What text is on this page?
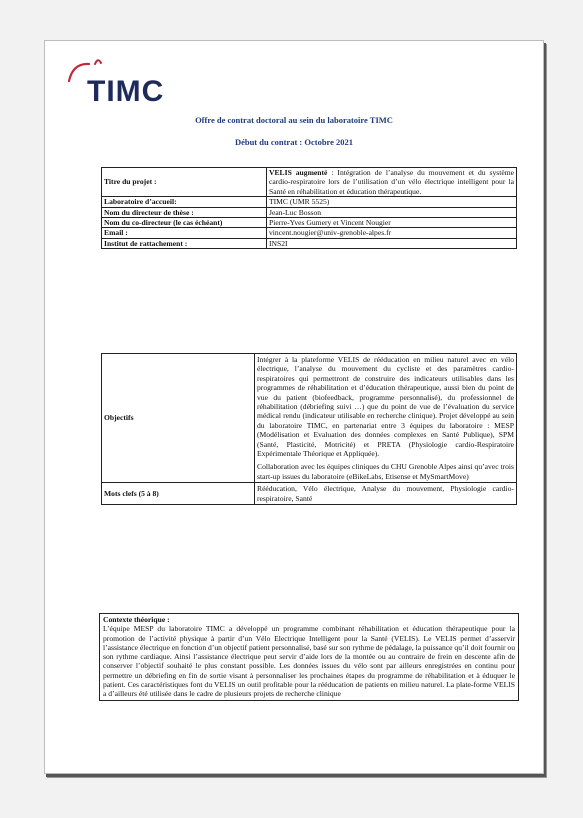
TIMC
Offre de contrat doctoral au sein du laboratoire TIMC
Début du contrat : Octobre 2021
Titre du projet :	VELIS augmenté : Intégration de l’analyse du mouvement et du système cardio-respiratoire lors de l’utilisation d’un vélo électrique intelligent pour la Santé en réhabilitation et éducation thérapeutique.
Laboratoire d’accueil:	TIMC (UMR 5525)
Nom du directeur de thèse :	Jean-Luc Bosson
Nom du co-directeur (le cas échéant)	Pierre-Yves Gumery et Vincent Nougier
Email :	vincent.nougier@univ-grenoble-alpes.fr
Institut de rattachement :	INS2I
Objectifs	Intégrer à la plateforme VELIS de rééducation en milieu naturel avec en vélo électrique, l’analyse du mouvement du cycliste et des paramètres cardio-respiratoires qui permettront de construire des indicateurs utilisables dans les programmes de réhabilitation et d’éducation thérapeutique, aussi bien du point de vue du patient (biofeedback, programme personnalisé), du professionnel de réhabilitation (débriefing suivi …) que du point de vue de l’évaluation du service médical rendu (indicateur utilisable en recherche clinique). Projet développé au sein du laboratoire TIMC, en partenariat entre 3 équipes du laboratoire : MESP (Modélisation et Evaluation des données complexes en Santé Publique), SPM (Santé, Plasticité, Motricité) et PRETA (Physiologie cardio-Respiratoire Expérimentale Théorique et Appliquée).
Collaboration avec les équipes cliniques du CHU Grenoble Alpes ainsi qu’avec trois start-up issues du laboratoire (eBikeLabs, Etisense et MySmartMove)

Mots clefs (5 à 8)	Rééducation, Vélo électrique, Analyse du mouvement, Physiologie cardio-respiratoire, Santé
Contexte théorique :
L’équipe MESP du laboratoire TIMC a développé un programme combinant réhabilitation et éducation thérapeutique pour la promotion de l’activité physique à partir d’un Vélo Electrique Intelligent pour la Santé (VELIS). Le VELIS permet d’asservir l’assistance électrique en fonction d’un objectif patient personnalisé, basé sur son rythme de pédalage, la puissance qu’il doit fournir ou son rythme cardiaque. Ainsi l’assistance électrique peut servir d’aide lors de la montée ou au contraire de frein en descente afin de conserver l’objectif souhaité le plus constant possible. Les données issues du vélo sont par ailleurs enregistrées en continu pour permettre un débriefing en fin de sortie visant à personnaliser les prochaines étapes du programme de réhabilitation et à éduquer le patient. Ces caractéristiques font du VELIS un outil profitable pour la rééducation de patients en milieu naturel. La plate-forme VELIS a d’ailleurs été utilisée dans le cadre de plusieurs projets de recherche clinique
